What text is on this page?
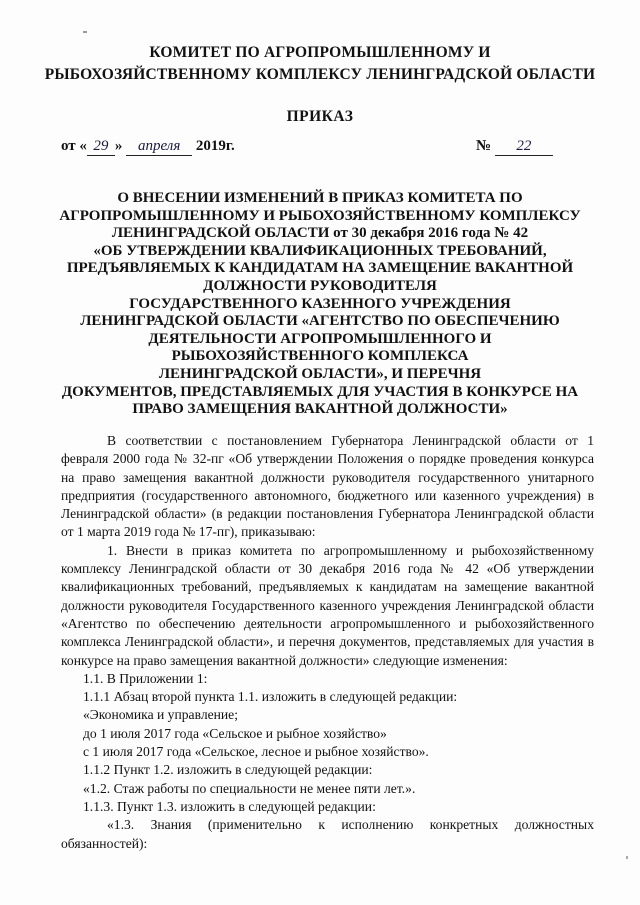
КОМИТЕТ ПО АГРОПРОМЫШЛЕННОМУ И
РЫБОХОЗЯЙСТВЕННОМУ КОМПЛЕКСУ ЛЕНИНГРАДСКОЙ ОБЛАСТИ
ПРИКАЗ
от « 29 » апреля 2019г.	№ 22
О ВНЕСЕНИИ ИЗМЕНЕНИЙ В ПРИКАЗ КОМИТЕТА ПО
АГРОПРОМЫШЛЕННОМУ И РЫБОХОЗЯЙСТВЕННОМУ КОМПЛЕКСУ
ЛЕНИНГРАДСКОЙ ОБЛАСТИ от 30 декабря 2016 года № 42
«ОБ УТВЕРЖДЕНИИ КВАЛИФИКАЦИОННЫХ ТРЕБОВАНИЙ,
ПРЕДЪЯВЛЯЕМЫХ К КАНДИДАТАМ НА ЗАМЕЩЕНИЕ ВАКАНТНОЙ
ДОЛЖНОСТИ РУКОВОДИТЕЛЯ
ГОСУДАРСТВЕННОГО КАЗЕННОГО УЧРЕЖДЕНИЯ
ЛЕНИНГРАДСКОЙ ОБЛАСТИ «АГЕНТСТВО ПО ОБЕСПЕЧЕНИЮ
ДЕЯТЕЛЬНОСТИ АГРОПРОМЫШЛЕННОГО И
РЫБОХОЗЯЙСТВЕННОГО КОМПЛЕКСА
ЛЕНИНГРАДСКОЙ ОБЛАСТИ», И ПЕРЕЧНЯ
ДОКУМЕНТОВ, ПРЕДСТАВЛЯЕМЫХ ДЛЯ УЧАСТИЯ В КОНКУРСЕ НА
ПРАВО ЗАМЕЩЕНИЯ ВАКАНТНОЙ ДОЛЖНОСТИ»

В соответствии с постановлением Губернатора Ленинградской области от 1 февраля 2000 года № 32-пг «Об утверждении Положения о порядке проведения конкурса на право замещения вакантной должности руководителя государственного унитарного предприятия (государственного автономного, бюджетного или казенного учреждения) в Ленинградской области» (в редакции постановления Губернатора Ленинградской области от 1 марта 2019 года № 17-пг), приказываю:

1. Внести в приказ комитета по агропромышленному и рыбохозяйственному комплексу Ленинградской области от 30 декабря 2016 года № 42 «Об утверждении квалификационных требований, предъявляемых к кандидатам на замещение вакантной должности руководителя Государственного казенного учреждения Ленинградской области «Агентство по обеспечению деятельности агропромышленного и рыбохозяйственного комплекса Ленинградской области», и перечня документов, представляемых для участия в конкурсе на право замещения вакантной должности» следующие изменения:

1.1. В Приложении 1:

1.1.1 Абзац второй пункта 1.1. изложить в следующей редакции:

«Экономика и управление;

до 1 июля 2017 года «Сельское и рыбное хозяйство»

с 1 июля 2017 года «Сельское, лесное и рыбное хозяйство».

1.1.2 Пункт 1.2. изложить в следующей редакции:

«1.2. Стаж работы по специальности не менее пяти лет.».

1.1.3. Пункт 1.3. изложить в следующей редакции:

«1.3. Знания (применительно к исполнению конкретных должностных обязанностей):
